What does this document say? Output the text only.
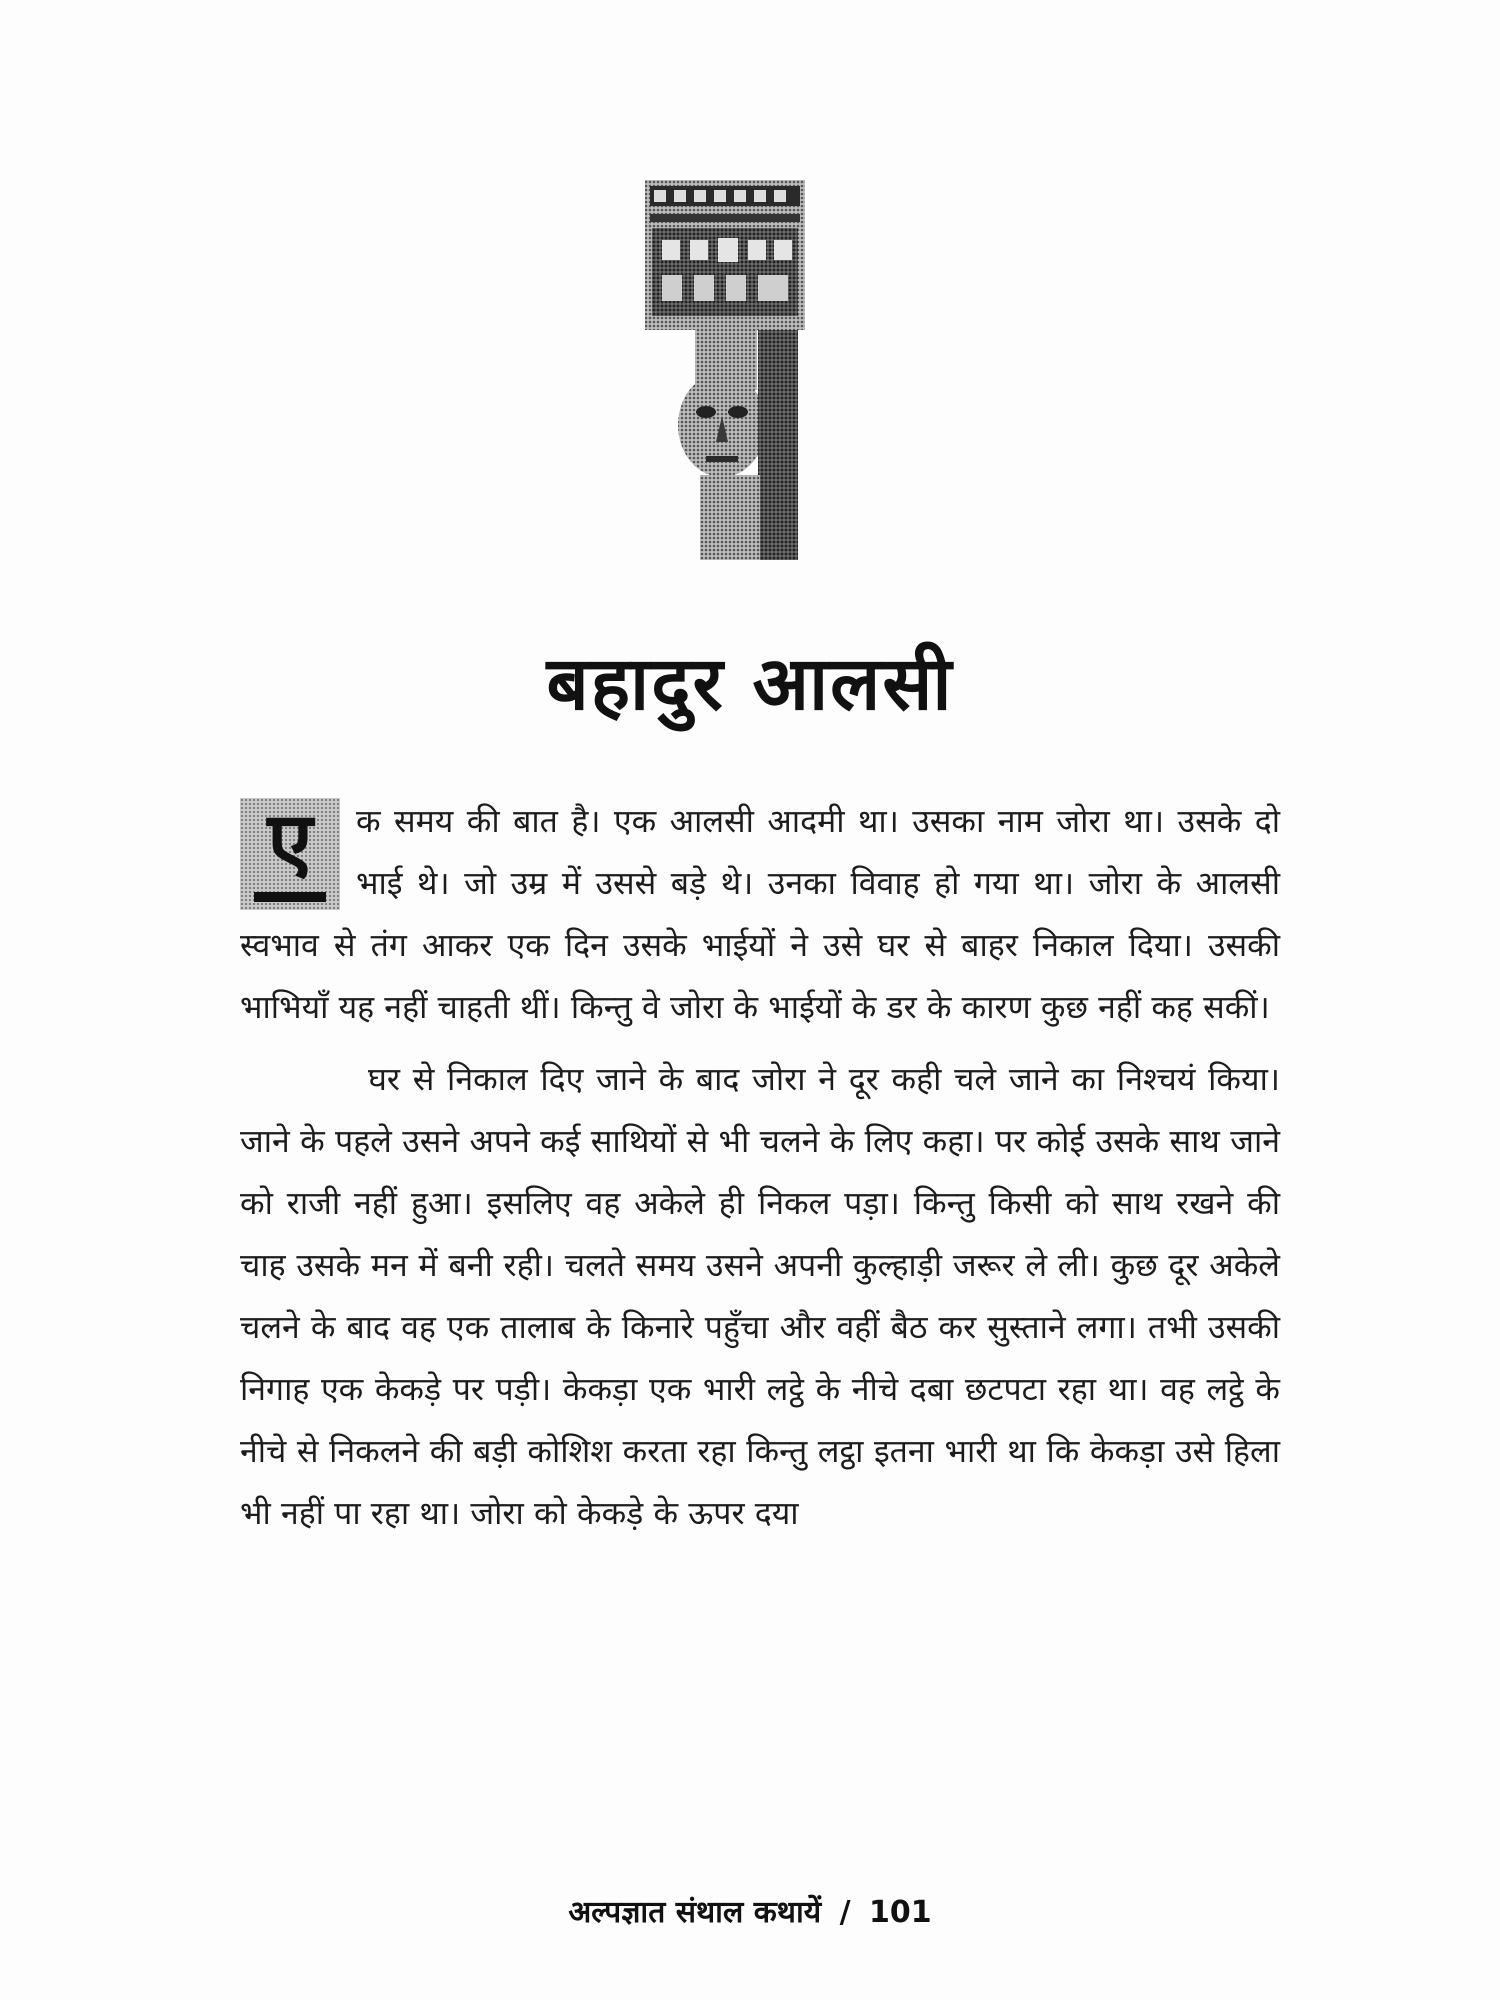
बहादुर आलसी

ए	क समय की बात है। एक आलसी आदमी था। उसका नाम जोरा था। उसके दो भाई थे। जो उम्र में उससे बड़े थे। उनका विवाह हो गया था। जोरा के आलसी स्वभाव से तंग आकर एक दिन उसके भाईयों ने उसे घर से बाहर निकाल दिया। उसकी भाभियाँ यह नहीं चाहती थीं। किन्तु वे जोरा के भाईयों के डर के कारण कुछ नहीं कह सकीं।

घर से निकाल दिए जाने के बाद जोरा ने दूर कही चले जाने का निश्चयं किया। जाने के पहले उसने अपने कई साथियों से भी चलने के लिए कहा। पर कोई उसके साथ जाने को राजी नहीं हुआ। इसलिए वह अकेले ही निकल पड़ा। किन्तु किसी को साथ रखने की चाह उसके मन में बनी रही। चलते समय उसने अपनी कुल्हाड़ी जरूर ले ली। कुछ दूर अकेले चलने के बाद वह एक तालाब के किनारे पहुँचा और वहीं बैठ कर सुस्ताने लगा। तभी उसकी निगाह एक केकड़े पर पड़ी। केकड़ा एक भारी लट्ठे के नीचे दबा छटपटा रहा था। वह लट्ठे के नीचे से निकलने की बड़ी कोशिश करता रहा किन्तु लट्ठा इतना भारी था कि केकड़ा उसे हिला भी नहीं पा रहा था। जोरा को केकड़े के ऊपर दया

अल्पज्ञात संथाल कथायें / 101
